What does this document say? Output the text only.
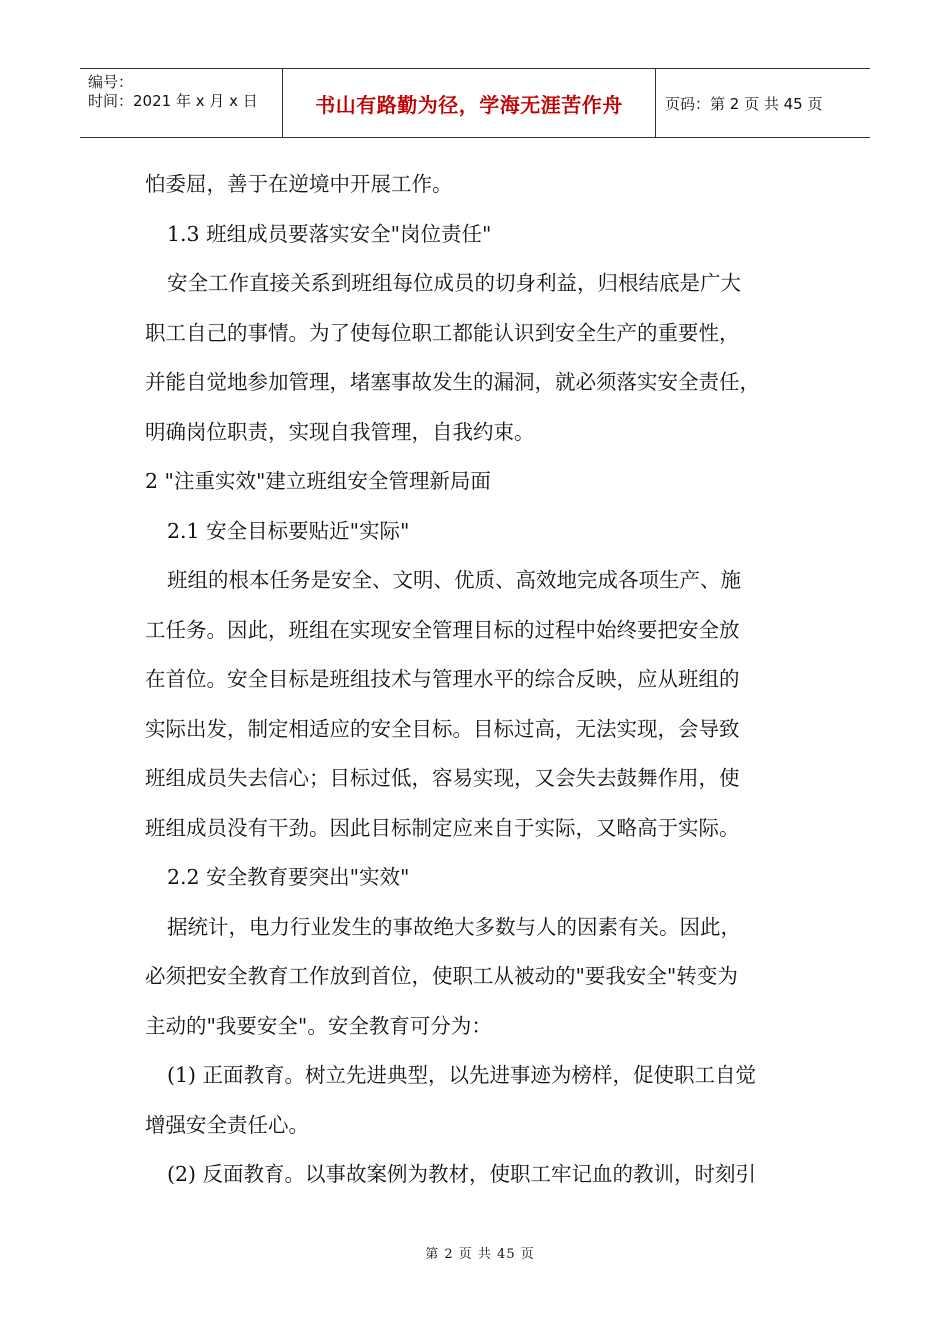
编号：
时间：2021 年 x 月 x 日	书山有路勤为径，学海无涯苦作舟	页码：第 2 页 共 45 页

怕委屈，善于在逆境中开展工作。

1.3 班组成员要落实安全"岗位责任"

安全工作直接关系到班组每位成员的切身利益，归根结底是广大

职工自己的事情。为了使每位职工都能认识到安全生产的重要性，

并能自觉地参加管理，堵塞事故发生的漏洞，就必须落实安全责任，

明确岗位职责，实现自我管理，自我约束。

2 "注重实效"建立班组安全管理新局面

2.1 安全目标要贴近"实际"

班组的根本任务是安全、文明、优质、高效地完成各项生产、施

工任务。因此，班组在实现安全管理目标的过程中始终要把安全放

在首位。安全目标是班组技术与管理水平的综合反映，应从班组的

实际出发，制定相适应的安全目标。目标过高，无法实现，会导致

班组成员失去信心；目标过低，容易实现，又会失去鼓舞作用，使

班组成员没有干劲。因此目标制定应来自于实际，又略高于实际。

2.2 安全教育要突出"实效"

据统计，电力行业发生的事故绝大多数与人的因素有关。因此，

必须把安全教育工作放到首位，使职工从被动的"要我安全"转变为

主动的"我要安全"。安全教育可分为：

(1) 正面教育。树立先进典型，以先进事迹为榜样，促使职工自觉

增强安全责任心。

(2) 反面教育。以事故案例为教材，使职工牢记血的教训，时刻引

第 2 页 共 45 页
